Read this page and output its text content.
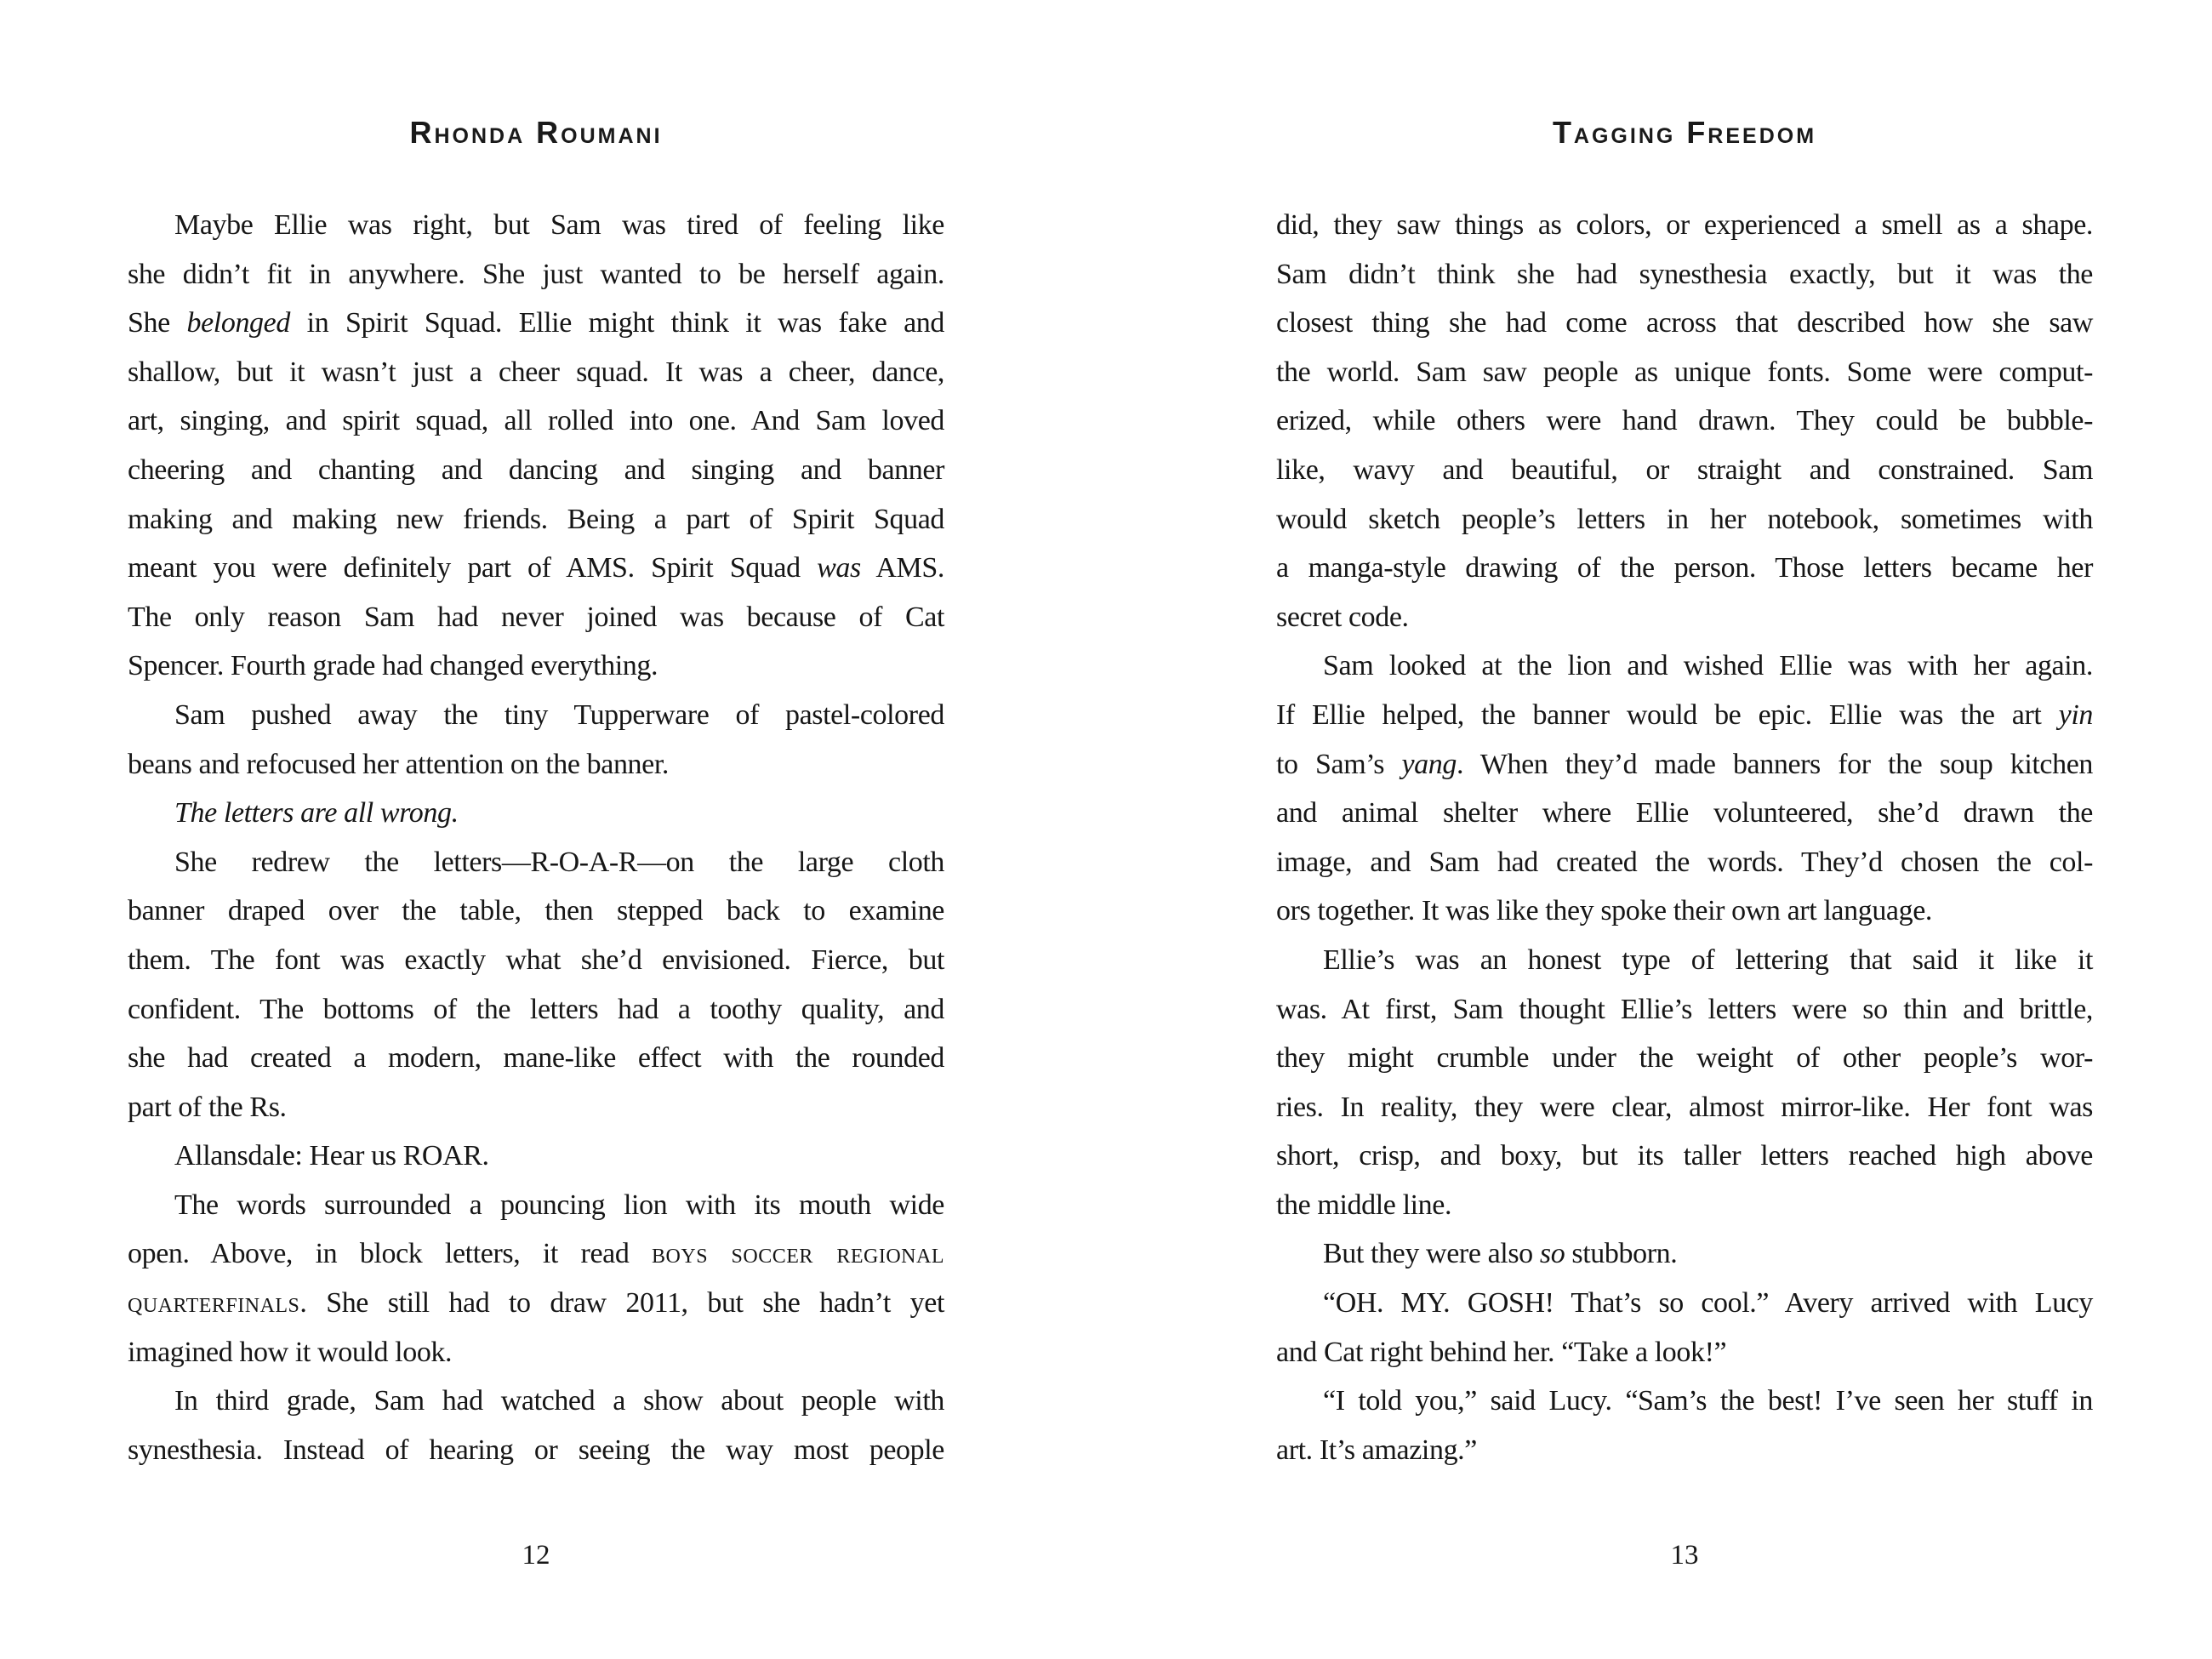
Rhonda Roumani
Maybe Ellie was right, but Sam was tired of feeling like
she didn’t fit in anywhere. She just wanted to be herself again.
She belonged in Spirit Squad. Ellie might think it was fake and
shallow, but it wasn’t just a cheer squad. It was a cheer, dance,
art, singing, and spirit squad, all rolled into one. And Sam loved
cheering and chanting and dancing and singing and banner
making and making new friends. Being a part of Spirit Squad
meant you were definitely part of AMS. Spirit Squad was AMS.
The only reason Sam had never joined was because of Cat
Spencer. Fourth grade had changed everything.
Sam pushed away the tiny Tupperware of pastel-colored
beans and refocused her attention on the banner.
The letters are all wrong.
She redrew the letters—R-O-A-R—on the large cloth
banner draped over the table, then stepped back to examine
them. The font was exactly what she’d envisioned. Fierce, but
confident. The bottoms of the letters had a toothy quality, and
she had created a modern, mane-like effect with the rounded
part of the Rs.
Allansdale: Hear us ROAR.
The words surrounded a pouncing lion with its mouth wide
open. Above, in block letters, it read boys soccer regional
quarterfinals. She still had to draw 2011, but she hadn’t yet
imagined how it would look.
In third grade, Sam had watched a show about people with
synesthesia. Instead of hearing or seeing the way most people
12
Tagging Freedom
did, they saw things as colors, or experienced a smell as a shape.
Sam didn’t think she had synesthesia exactly, but it was the
closest thing she had come across that described how she saw
the world. Sam saw people as unique fonts. Some were comput-
erized, while others were hand drawn. They could be bubble-
like, wavy and beautiful, or straight and constrained. Sam
would sketch people’s letters in her notebook, sometimes with
a manga-style drawing of the person. Those letters became her
secret code.
Sam looked at the lion and wished Ellie was with her again.
If Ellie helped, the banner would be epic. Ellie was the art yin
to Sam’s yang. When they’d made banners for the soup kitchen
and animal shelter where Ellie volunteered, she’d drawn the
image, and Sam had created the words. They’d chosen the col-
ors together. It was like they spoke their own art language.
Ellie’s was an honest type of lettering that said it like it
was. At first, Sam thought Ellie’s letters were so thin and brittle,
they might crumble under the weight of other people’s wor-
ries. In reality, they were clear, almost mirror-like. Her font was
short, crisp, and boxy, but its taller letters reached high above
the middle line.
But they were also so stubborn.
“OH. MY. GOSH! That’s so cool.” Avery arrived with Lucy
and Cat right behind her. “Take a look!”
“I told you,” said Lucy. “Sam’s the best! I’ve seen her stuff in
art. It’s amazing.”
13
